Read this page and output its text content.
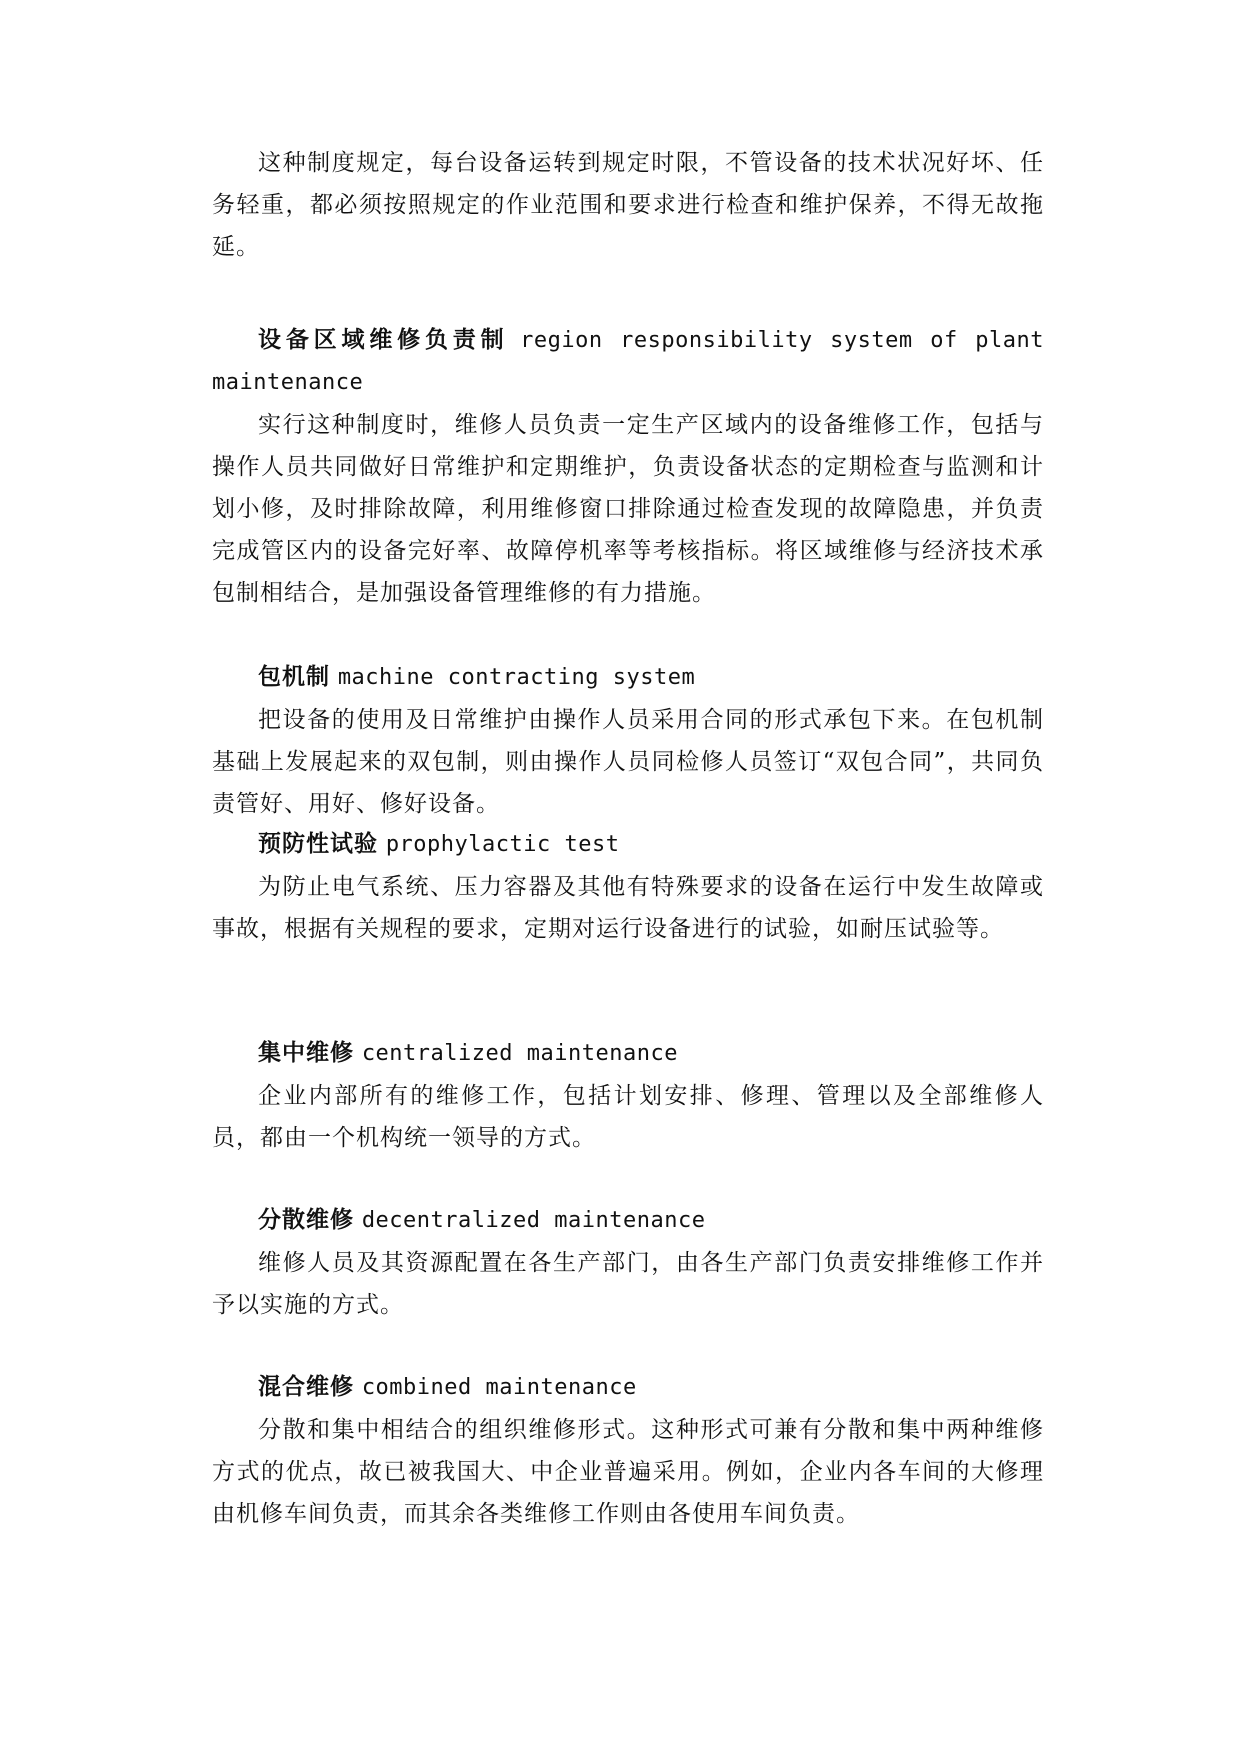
这种制度规定，每台设备运转到规定时限，不管设备的技术状况好坏、任务轻重，都必须按照规定的作业范围和要求进行检查和维护保养，不得无故拖延。

设备区域维修负责制 region responsibility system of plant
maintenance

实行这种制度时，维修人员负责一定生产区域内的设备维修工作，包括与操作人员共同做好日常维护和定期维护，负责设备状态的定期检查与监测和计划小修，及时排除故障，利用维修窗口排除通过检查发现的故障隐患，并负责完成管区内的设备完好率、故障停机率等考核指标。将区域维修与经济技术承包制相结合，是加强设备管理维修的有力措施。

包机制 machine contracting system

把设备的使用及日常维护由操作人员采用合同的形式承包下来。在包机制基础上发展起来的双包制，则由操作人员同检修人员签订“双包合同”，共同负责管好、用好、修好设备。

预防性试验 prophylactic test

为防止电气系统、压力容器及其他有特殊要求的设备在运行中发生故障或事故，根据有关规程的要求，定期对运行设备进行的试验，如耐压试验等。

集中维修 centralized maintenance

企业内部所有的维修工作，包括计划安排、修理、管理以及全部维修人员，都由一个机构统一领导的方式。

分散维修 decentralized maintenance

维修人员及其资源配置在各生产部门，由各生产部门负责安排维修工作并予以实施的方式。

混合维修 combined maintenance

分散和集中相结合的组织维修形式。这种形式可兼有分散和集中两种维修方式的优点，故已被我国大、中企业普遍采用。例如，企业内各车间的大修理由机修车间负责，而其余各类维修工作则由各使用车间负责。
